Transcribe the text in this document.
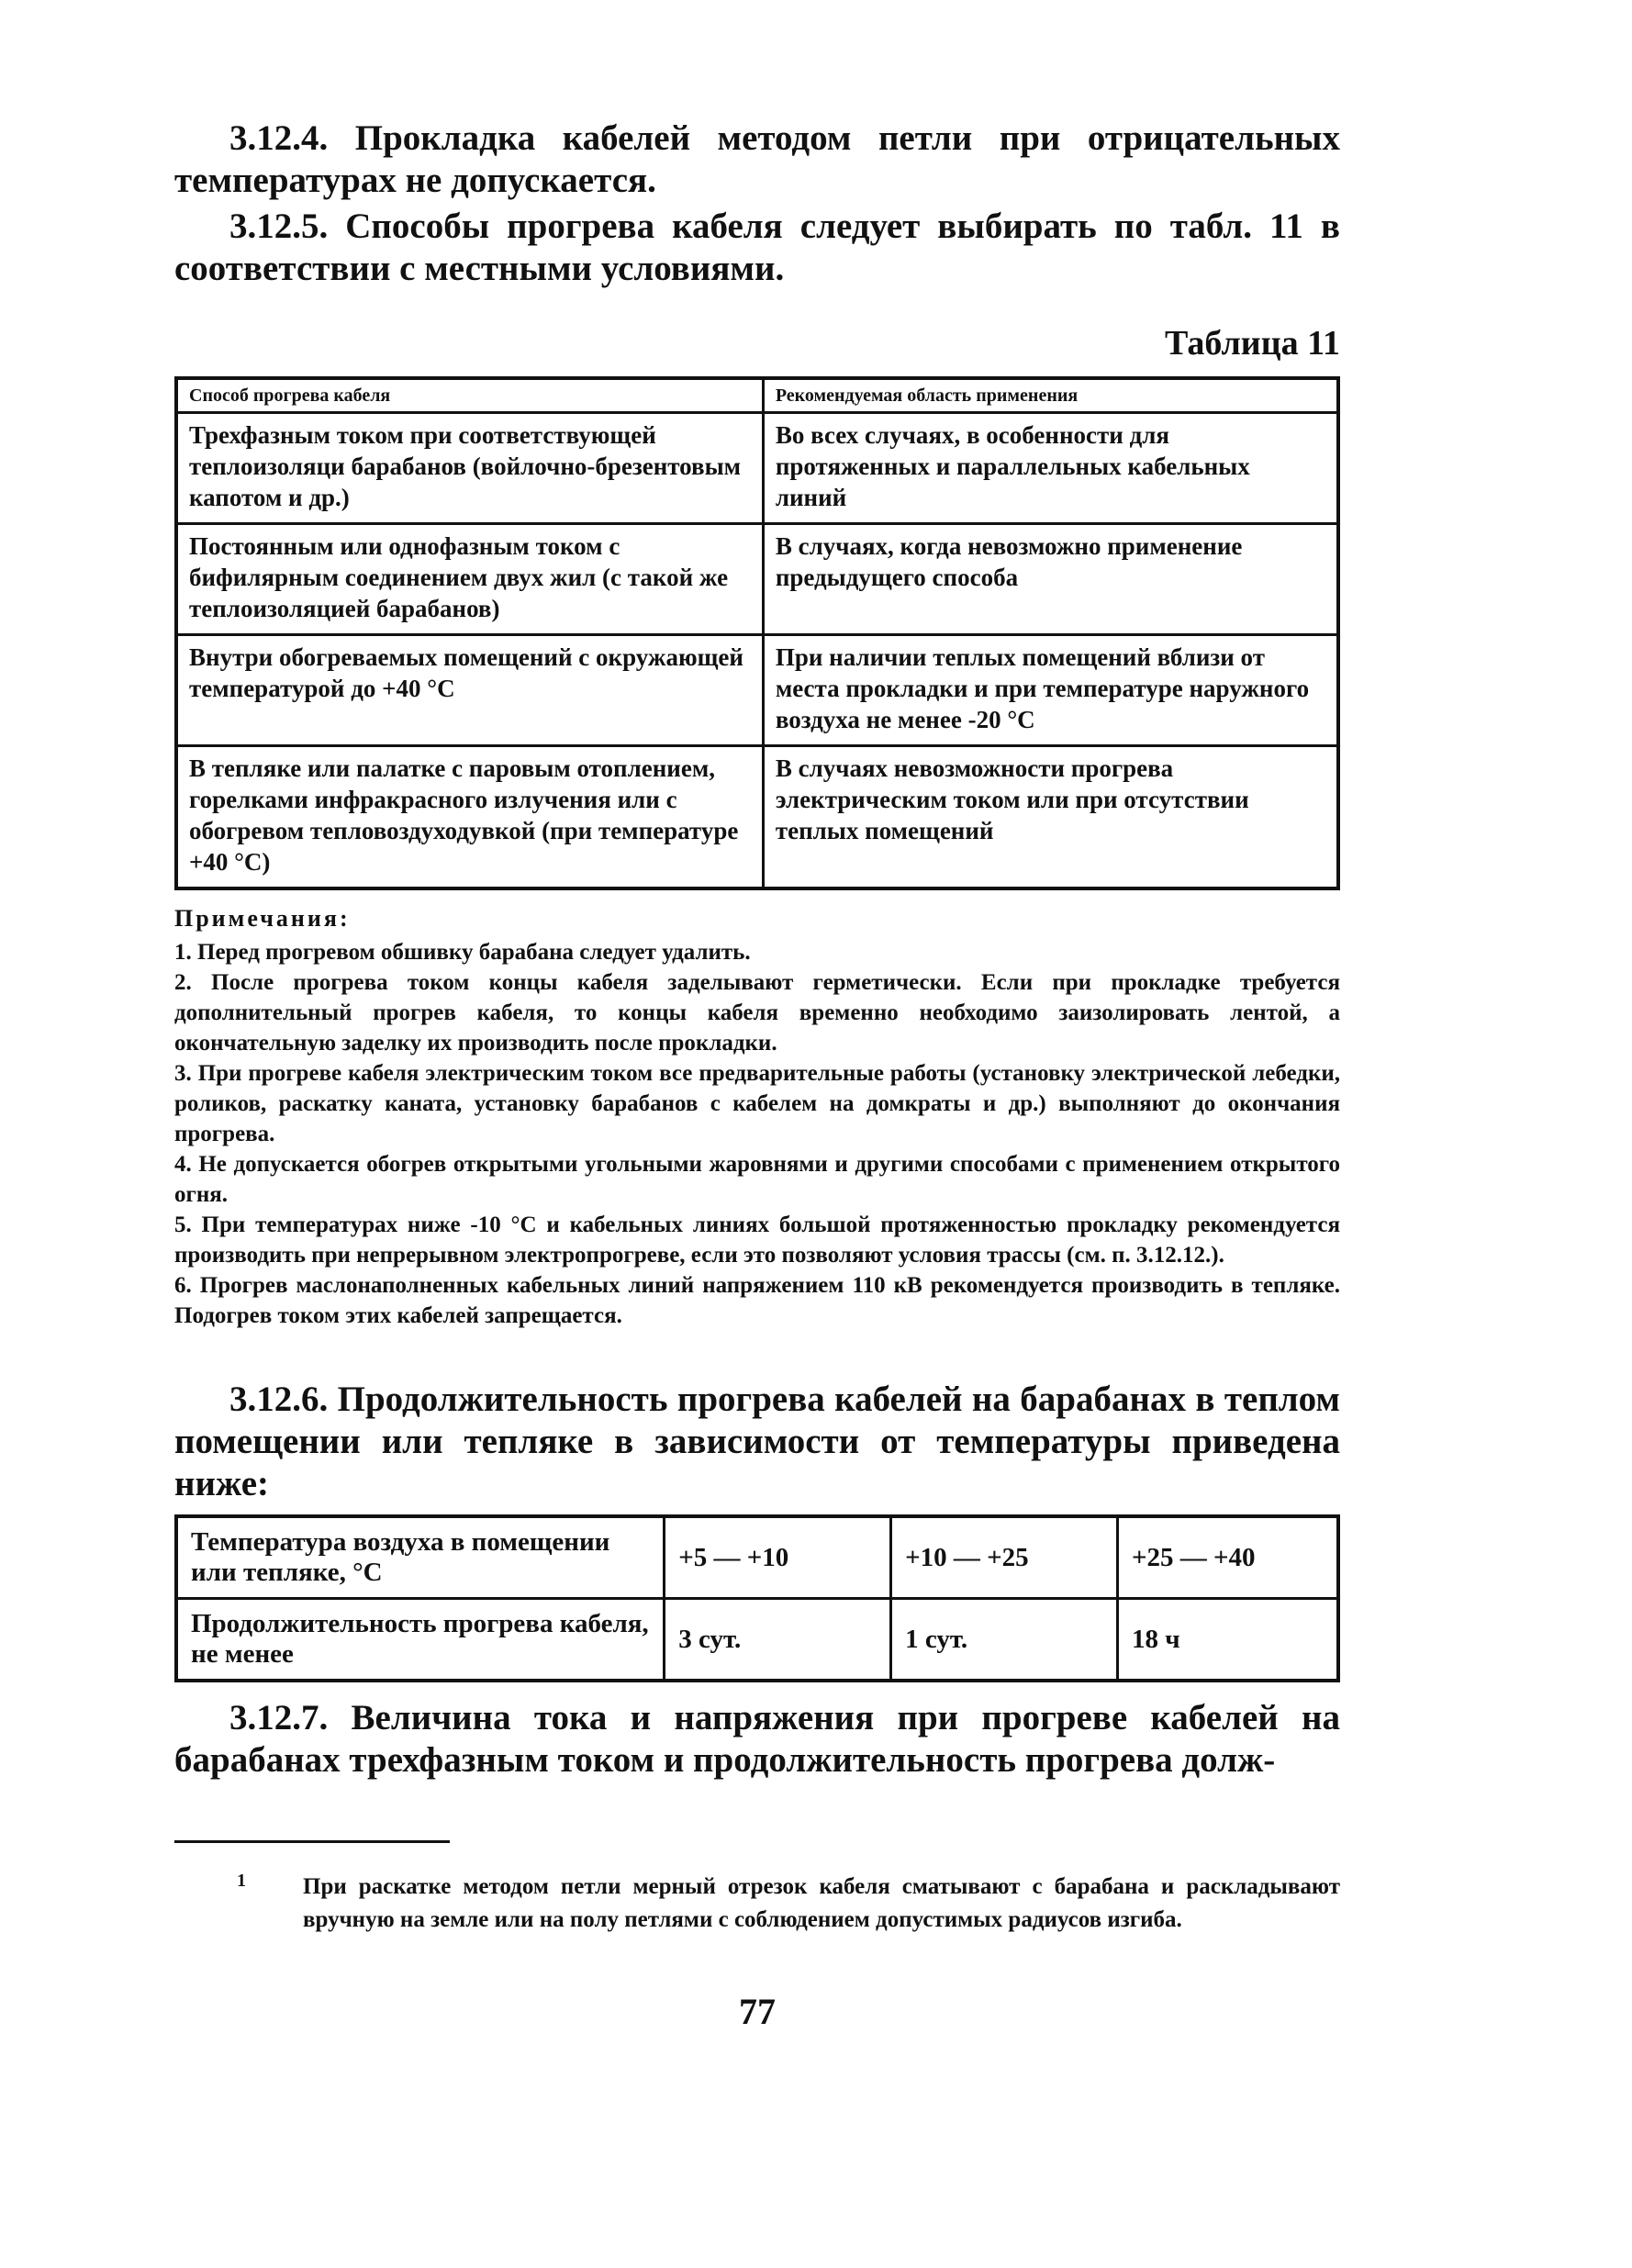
3.12.4. Прокладка кабелей методом петли при отрицательных температурах не допускается.

3.12.5. Способы прогрева кабеля следует выбирать по табл. 11 в соответствии с местными условиями.

Таблица 11
Способ прогрева кабеля	Рекомендуемая область применения
Трехфазным током при соответствующей теплоизоляци барабанов (войлочно-брезентовым капотом и др.)	Во всех случаях, в особенности для протяженных и параллельных кабельных линий
Постоянным или однофазным током с бифилярным соединением двух жил (с такой же теплоизоляцией барабанов)	В случаях, когда невозможно применение предыдущего способа
Внутри обогреваемых помещений с окружающей температурой до +40 °С	При наличии теплых помещений вблизи от места прокладки и при температуре наружного воздуха не менее -20 °С
В тепляке или палатке с паровым отоплением, горелками инфракрасного излучения или с обогревом тепловоздуходувкой (при температуре +40 °С)	В случаях невозможности прогрева электрическим током или при отсутствии теплых помещений
Примечания:

1. Перед прогревом обшивку барабана следует удалить.

2. После прогрева током концы кабеля заделывают герметически. Если при прокладке требуется дополнительный прогрев кабеля, то концы кабеля временно необходимо заизолировать лентой, а окончательную заделку их производить после прокладки.

3. При прогреве кабеля электрическим током все предварительные работы (установку электрической лебедки, роликов, раскатку каната, установку барабанов с кабелем на домкраты и др.) выполняют до окончания прогрева.

4. Не допускается обогрев открытыми угольными жаровнями и другими способами с применением открытого огня.

5. При температурах ниже -10 °С и кабельных линиях большой протяженностью прокладку рекомендуется производить при непрерывном электропрогреве, если это позволяют условия трассы (см. п. 3.12.12.).

6. Прогрев маслонаполненных кабельных линий напряжением 110 кВ рекомендуется производить в тепляке. Подогрев током этих кабелей запрещается.

3.12.6. Продолжительность прогрева кабелей на барабанах в теплом помещении или тепляке в зависимости от температуры приведена ниже:

Температура воздуха в помещении или тепляке, °С	+5 — +10	+10 — +25	+25 — +40
Продолжительность прогрева кабеля, не менее	3 сут.	1 сут.	18 ч

3.12.7. Величина тока и напряжения при прогреве кабелей на барабанах трехфазным током и продолжительность прогрева долж-

1	При раскатке методом петли мерный отрезок кабеля сматывают с барабана и раскладывают вручную на земле или на полу петлями с соблюдением допустимых радиусов изгиба.
77
